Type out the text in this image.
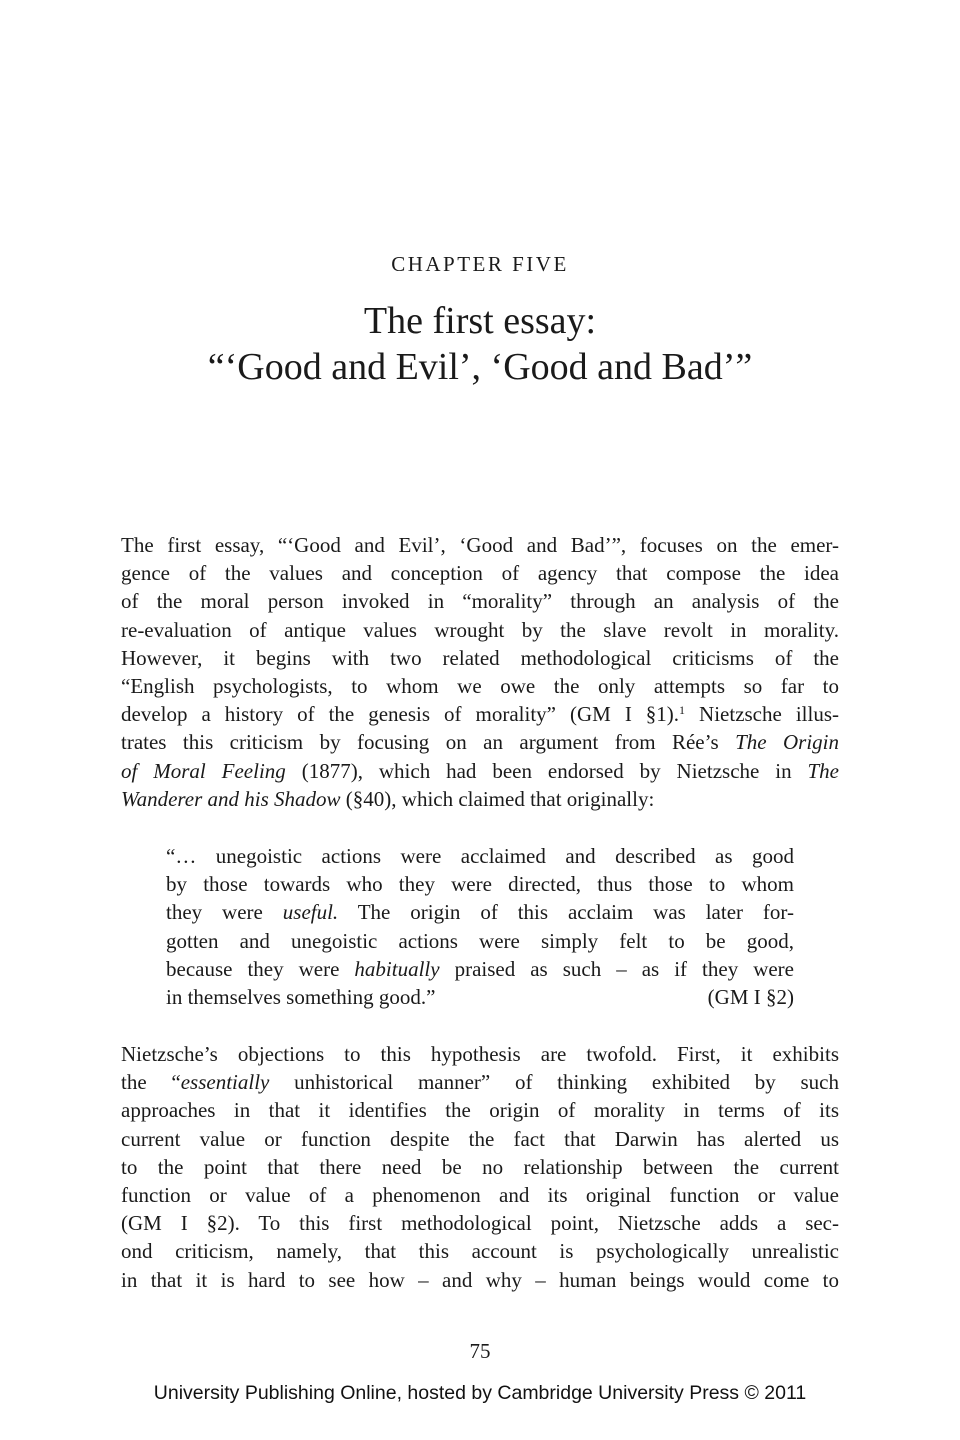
CHAPTER FIVE
The first essay:
“‘Good and Evil’, ‘Good and Bad’”
The first essay, “‘Good and Evil’, ‘Good and Bad’”, focuses on the emer-
gence of the values and conception of agency that compose the idea
of the moral person invoked in “morality” through an analysis of the
re-evaluation of antique values wrought by the slave revolt in morality.
However, it begins with two related methodological criticisms of the
“English psychologists, to whom we owe the only attempts so far to
develop a history of the genesis of morality” (GM I §1).$^1$ Nietzsche illus-
trates this criticism by focusing on an argument from Rée’s The Origin
of Moral Feeling (1877), which had been endorsed by Nietzsche in The
Wanderer and his Shadow (§40), which claimed that originally:
“… unegoistic actions were acclaimed and described as good
by those towards who they were directed, thus those to whom
they were useful. The origin of this acclaim was later for-
gotten and unegoistic actions were simply felt to be good,
because they were habitually praised as such – as if they were
in themselves something good.”	(GM I §2)
Nietzsche’s objections to this hypothesis are twofold. First, it exhibits
the “essentially unhistorical manner” of thinking exhibited by such
approaches in that it identifies the origin of morality in terms of its
current value or function despite the fact that Darwin has alerted us
to the point that there need be no relationship between the current
function or value of a phenomenon and its original function or value
(GM I §2). To this first methodological point, Nietzsche adds a sec-
ond criticism, namely, that this account is psychologically unrealistic
in that it is hard to see how – and why – human beings would come to
75
University Publishing Online, hosted by Cambridge University Press © 2011
